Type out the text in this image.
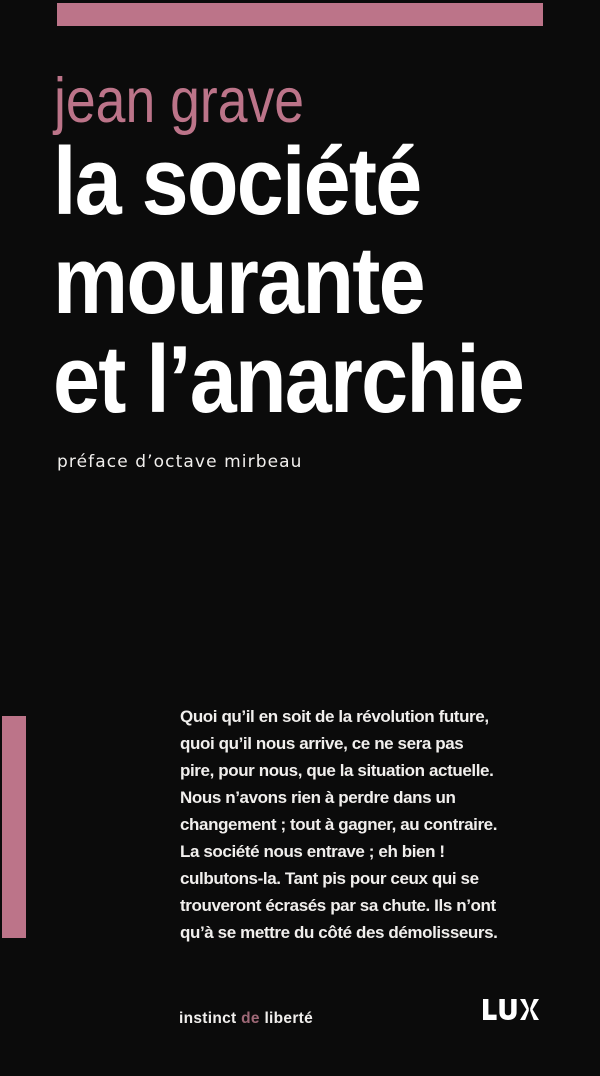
jean grave
la société
mourante
et l’anarchie
préface d’octave mirbeau
Quoi qu’il en soit de la révolution future,
quoi qu’il nous arrive, ce ne sera pas
pire, pour nous, que la situation actuelle.
Nous n’avons rien à perdre dans un
changement ; tout à gagner, au contraire.
La société nous entrave ; eh bien !
culbutons-la. Tant pis pour ceux qui se
trouveront écrasés par sa chute. Ils n’ont
qu’à se mettre du côté des démolisseurs.
instinct de liberté
